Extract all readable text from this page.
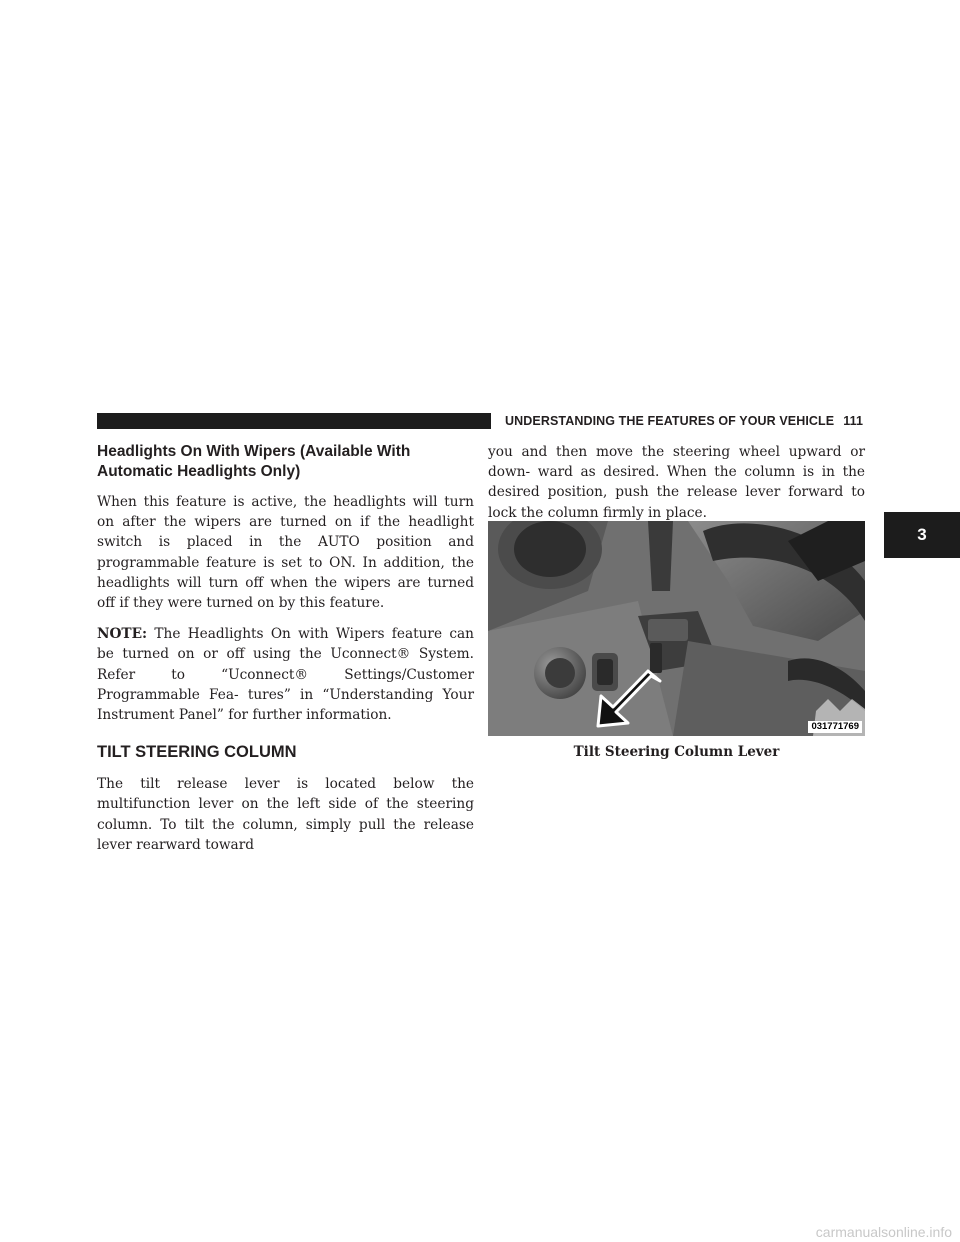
UNDERSTANDING THE FEATURES OF YOUR VEHICLE 111
3
Headlights On With Wipers (Available With Automatic Headlights Only)

When this feature is active, the headlights will turn on after the wipers are turned on if the headlight switch is placed in the AUTO position and programmable feature is set to ON. In addition, the headlights will turn off when the wipers are turned off if they were turned on by this feature.

NOTE: The Headlights On with Wipers feature can be turned on or off using the Uconnect® System. Refer to “Uconnect® Settings/Customer Programmable Fea- tures” in “Understanding Your Instrument Panel” for further information.

TILT STEERING COLUMN

The tilt release lever is located below the multifunction lever on the left side of the steering column. To tilt the column, simply pull the release lever rearward toward

you and then move the steering wheel upward or down- ward as desired. When the column is in the desired position, push the release lever forward to lock the column firmly in place.

031771769
Tilt Steering Column Lever
carmanualsonline.info
